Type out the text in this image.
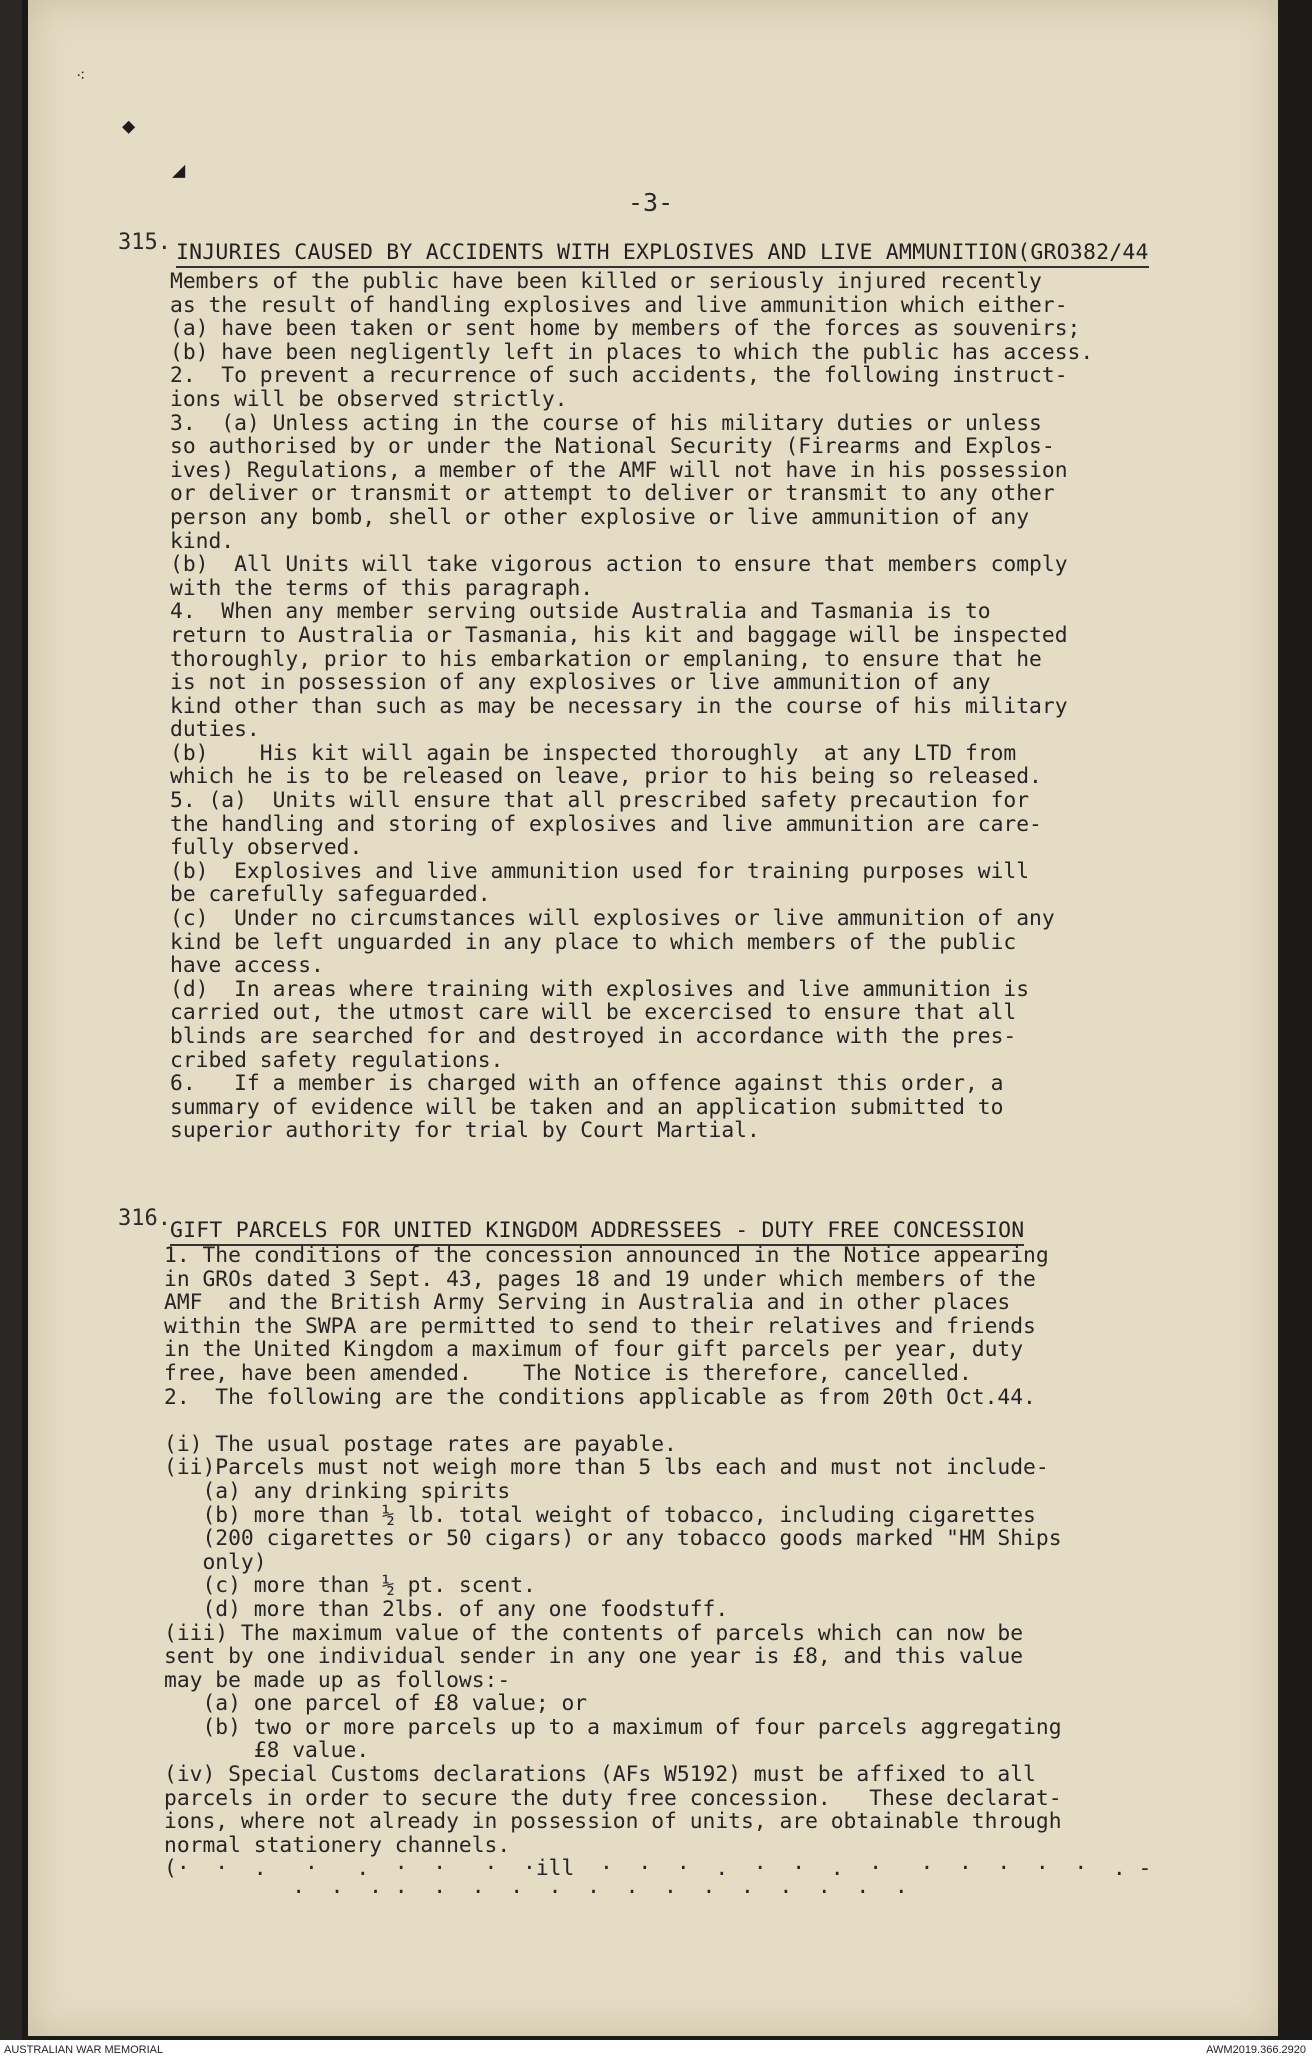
⁖
◆
◢
-3-
315. INJURIES CAUSED BY ACCIDENTS WITH EXPLOSIVES AND LIVE AMMUNITION(GRO382/44
Members of the public have been killed or seriously injured recently
as the result of handling explosives and live ammunition which either-
(a) have been taken or sent home by members of the forces as souvenirs;
(b) have been negligently left in places to which the public has access.
2.  To prevent a recurrence of such accidents, the following instruct-
ions will be observed strictly.
3.  (a) Unless acting in the course of his military duties or unless
so authorised by or under the National Security (Firearms and Explos-
ives) Regulations, a member of the AMF will not have in his possession
or deliver or transmit or attempt to deliver or transmit to any other
person any bomb, shell or other explosive or live ammunition of any
kind.
(b)  All Units will take vigorous action to ensure that members comply
with the terms of this paragraph.
4.  When any member serving outside Australia and Tasmania is to
return to Australia or Tasmania, his kit and baggage will be inspected
thoroughly, prior to his embarkation or emplaning, to ensure that he
is not in possession of any explosives or live ammunition of any
kind other than such as may be necessary in the course of his military
duties.
(b)    His kit will again be inspected thoroughly  at any LTD from
which he is to be released on leave, prior to his being so released.
5. (a)  Units will ensure that all prescribed safety precaution for
the handling and storing of explosives and live ammunition are care-
fully observed.
(b)  Explosives and live ammunition used for training purposes will
be carefully safeguarded.
(c)  Under no circumstances will explosives or live ammunition of any
kind be left unguarded in any place to which members of the public
have access.
(d)  In areas where training with explosives and live ammunition is
carried out, the utmost care will be excercised to ensure that all
blinds are searched for and destroyed in accordance with the pres-
cribed safety regulations.
6.   If a member is charged with an offence against this order, a
summary of evidence will be taken and an application submitted to
superior authority for trial by Court Martial.
316. GIFT PARCELS FOR UNITED KINGDOM ADDRESSEES - DUTY FREE CONCESSION
1. The conditions of the concession announced in the Notice appearing
in GROs dated 3 Sept. 43, pages 18 and 19 under which members of the
AMF  and the British Army Serving in Australia and in other places
within the SWPA are permitted to send to their relatives and friends
in the United Kingdom a maximum of four gift parcels per year, duty
free, have been amended.    The Notice is therefore, cancelled.
2.  The following are the conditions applicable as from 20th Oct.44.

(i) The usual postage rates are payable.
(ii)Parcels must not weigh more than 5 lbs each and must not include-
(a) any drinking spirits
(b) more than ½ lb. total weight of tobacco, including cigarettes
(200 cigarettes or 50 cigars) or any tobacco goods marked "HM Ships
only)
(c) more than ½ pt. scent.
(d) more than 2lbs. of any one foodstuff.
(iii) The maximum value of the contents of parcels which can now be
sent by one individual sender in any one year is £8, and this value
may be made up as follows:-
(a) one parcel of £8 value; or
(b) two or more parcels up to a maximum of four parcels aggregating
£8 value.
(iv) Special Customs declarations (AFs W5192) must be affixed to all
parcels in order to secure the duty free concession.   These declarat-
ions, where not already in possession of units, are obtainable through
normal stationery channels.
(·  ·  .   ·   .  ·  ·   ·  ·ill  ·  ·  ·  .  ·  ·  .  ·   ·  ·  ·  ·  ·  . -
·  ·  · ·  ·  ·  ·  ·  ·  ·  ·  ·  ·  ·  ·  ·  ·
AUSTRALIAN WAR MEMORIAL	AWM2019.366.2920
